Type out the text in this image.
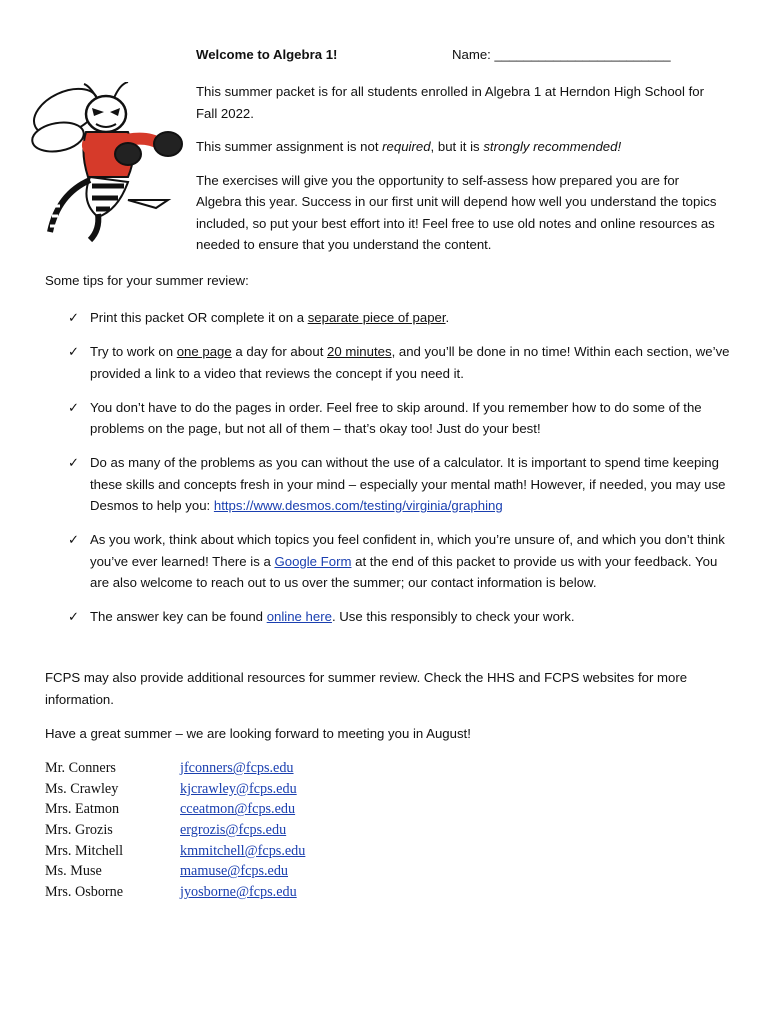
Welcome to Algebra 1!	Name: ________________________

This summer packet is for all students enrolled in Algebra 1 at Herndon High School for Fall 2022.

This summer assignment is not required, but it is strongly recommended!

The exercises will give you the opportunity to self-assess how prepared you are for Algebra this year. Success in our first unit will depend how well you understand the topics included, so put your best effort into it! Feel free to use old notes and online resources as needed to ensure that you understand the content.

Some tips for your summer review:
✓ Print this packet OR complete it on a separate piece of paper.
✓ Try to work on one page a day for about 20 minutes, and you’ll be done in no time! Within each section, we’ve provided a link to a video that reviews the concept if you need it.
✓ You don’t have to do the pages in order. Feel free to skip around. If you remember how to do some of the problems on the page, but not all of them – that’s okay too! Just do your best!
✓ Do as many of the problems as you can without the use of a calculator. It is important to spend time keeping these skills and concepts fresh in your mind – especially your mental math! However, if needed, you may use Desmos to help you: https://www.desmos.com/testing/virginia/graphing
✓ As you work, think about which topics you feel confident in, which you’re unsure of, and which you don’t think you’ve ever learned! There is a Google Form at the end of this packet to provide us with your feedback. You are also welcome to reach out to us over the summer; our contact information is below.
✓ The answer key can be found online here. Use this responsibly to check your work.

FCPS may also provide additional resources for summer review. Check the HHS and FCPS websites for more information.

Have a great summer – we are looking forward to meeting you in August!

Mr. Conners	jfconners@fcps.edu
Ms. Crawley	kjcrawley@fcps.edu
Mrs. Eatmon	cceatmon@fcps.edu
Mrs. Grozis	ergrozis@fcps.edu
Mrs. Mitchell	kmmitchell@fcps.edu
Ms. Muse	mamuse@fcps.edu
Mrs. Osborne	jyosborne@fcps.edu
